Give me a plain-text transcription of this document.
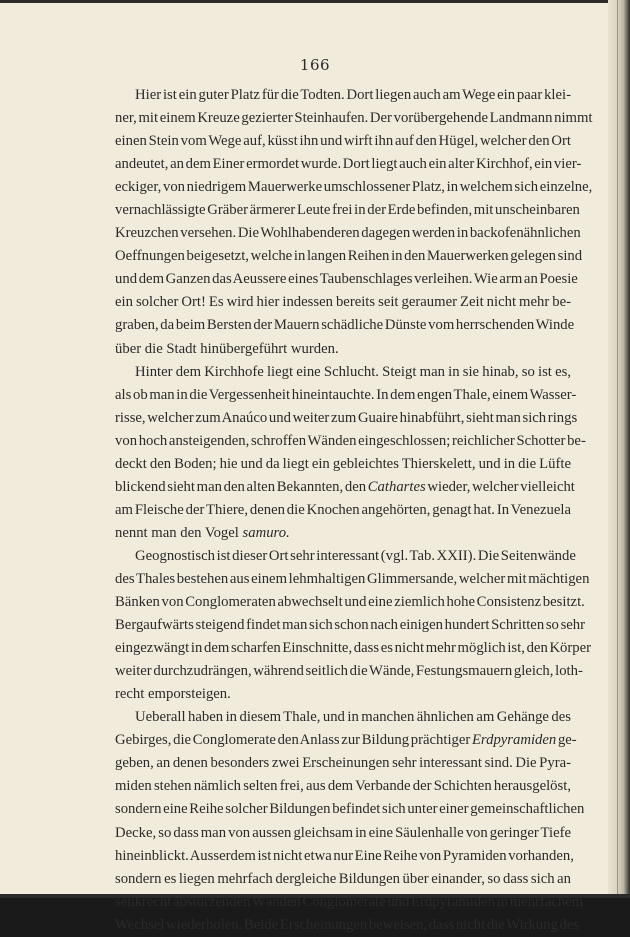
166
Hier ist ein guter Platz für die Todten. Dort liegen auch am Wege ein paar klei-
ner, mit einem Kreuze gezierter Steinhaufen. Der vorübergehende Landmann nimmt
einen Stein vom Wege auf, küsst ihn und wirft ihn auf den Hügel, welcher den Ort
andeutet, an dem Einer ermordet wurde. Dort liegt auch ein alter Kirchhof, ein vier-
eckiger, von niedrigem Mauerwerke umschlossener Platz, in welchem sich einzelne,
vernachlässigte Gräber ärmerer Leute frei in der Erde befinden, mit unscheinbaren
Kreuzchen versehen. Die Wohlhabenderen dagegen werden in backofenähnlichen
Oeffnungen beigesetzt, welche in langen Reihen in den Mauerwerken gelegen sind
und dem Ganzen das Aeussere eines Taubenschlages verleihen. Wie arm an Poesie
ein solcher Ort! Es wird hier indessen bereits seit geraumer Zeit nicht mehr be-
graben, da beim Bersten der Mauern schädliche Dünste vom herrschenden Winde
über die Stadt hinübergeführt wurden.
Hinter dem Kirchhofe liegt eine Schlucht. Steigt man in sie hinab, so ist es,
als ob man in die Vergessenheit hineintauchte. In dem engen Thale, einem Wasser-
risse, welcher zum Anaúco und weiter zum Guaire hinabführt, sieht man sich rings
von hoch ansteigenden, schroffen Wänden eingeschlossen; reichlicher Schotter be-
deckt den Boden; hie und da liegt ein gebleichtes Thierskelett, und in die Lüfte
blickend sieht man den alten Bekannten, den Cathartes wieder, welcher vielleicht
am Fleische der Thiere, denen die Knochen angehörten, genagt hat. In Venezuela
nennt man den Vogel samuro.
Geognostisch ist dieser Ort sehr interessant (vgl. Tab. XXII). Die Seitenwände
des Thales bestehen aus einem lehmhaltigen Glimmersande, welcher mit mächtigen
Bänken von Conglomeraten abwechselt und eine ziemlich hohe Consistenz besitzt.
Bergaufwärts steigend findet man sich schon nach einigen hundert Schritten so sehr
eingezwängt in dem scharfen Einschnitte, dass es nicht mehr möglich ist, den Körper
weiter durchzudrängen, während seitlich die Wände, Festungsmauern gleich, loth-
recht emporsteigen.
Ueberall haben in diesem Thale, und in manchen ähnlichen am Gehänge des
Gebirges, die Conglomerate den Anlass zur Bildung prächtiger Erdpyramiden ge-
geben, an denen besonders zwei Erscheinungen sehr interessant sind. Die Pyra-
miden stehen nämlich selten frei, aus dem Verbande der Schichten herausgelöst,
sondern eine Reihe solcher Bildungen befindet sich unter einer gemeinschaftlichen
Decke, so dass man von aussen gleichsam in eine Säulenhalle von geringer Tiefe
hineinblickt. Ausserdem ist nicht etwa nur Eine Reihe von Pyramiden vorhanden,
sondern es liegen mehrfach dergleiche Bildungen über einander, so dass sich an
senkrecht abstürzenden Wänden Conglomerate und Erdpyramiden in mehrfachem
Wechsel wiederholen. Beide Erscheinungen beweisen, dass nicht die Wirkung des
